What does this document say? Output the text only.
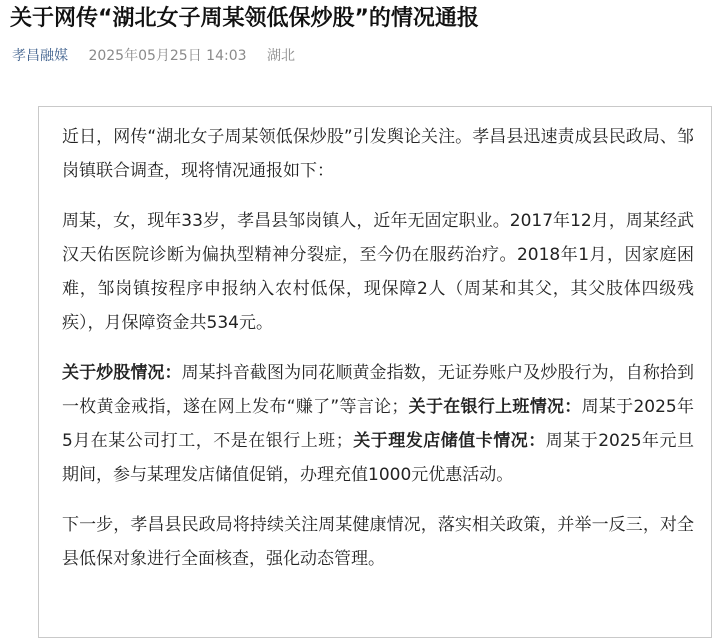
关于网传“湖北女子周某领低保炒股”的情况通报
孝昌融媒 2025年05月25日 14:03 湖北

近日，网传“湖北女子周某领低保炒股”引发舆论关注。孝昌县迅速责成县民政局、邹岗镇联合调查，现将情况通报如下：

周某，女，现年33岁，孝昌县邹岗镇人，近年无固定职业。2017年12月，周某经武汉天佑医院诊断为偏执型精神分裂症，至今仍在服药治疗。2018年1月，因家庭困难，邹岗镇按程序申报纳入农村低保，现保障2人（周某和其父，其父肢体四级残疾），月保障资金共534元。

关于炒股情况：周某抖音截图为同花顺黄金指数，无证券账户及炒股行为，自称拾到一枚黄金戒指，遂在网上发布“赚了”等言论；关于在银行上班情况：周某于2025年5月在某公司打工，不是在银行上班；关于理发店储值卡情况：周某于2025年元旦期间，参与某理发店储值促销，办理充值1000元优惠活动。

下一步，孝昌县民政局将持续关注周某健康情况，落实相关政策，并举一反三，对全县低保对象进行全面核查，强化动态管理。
